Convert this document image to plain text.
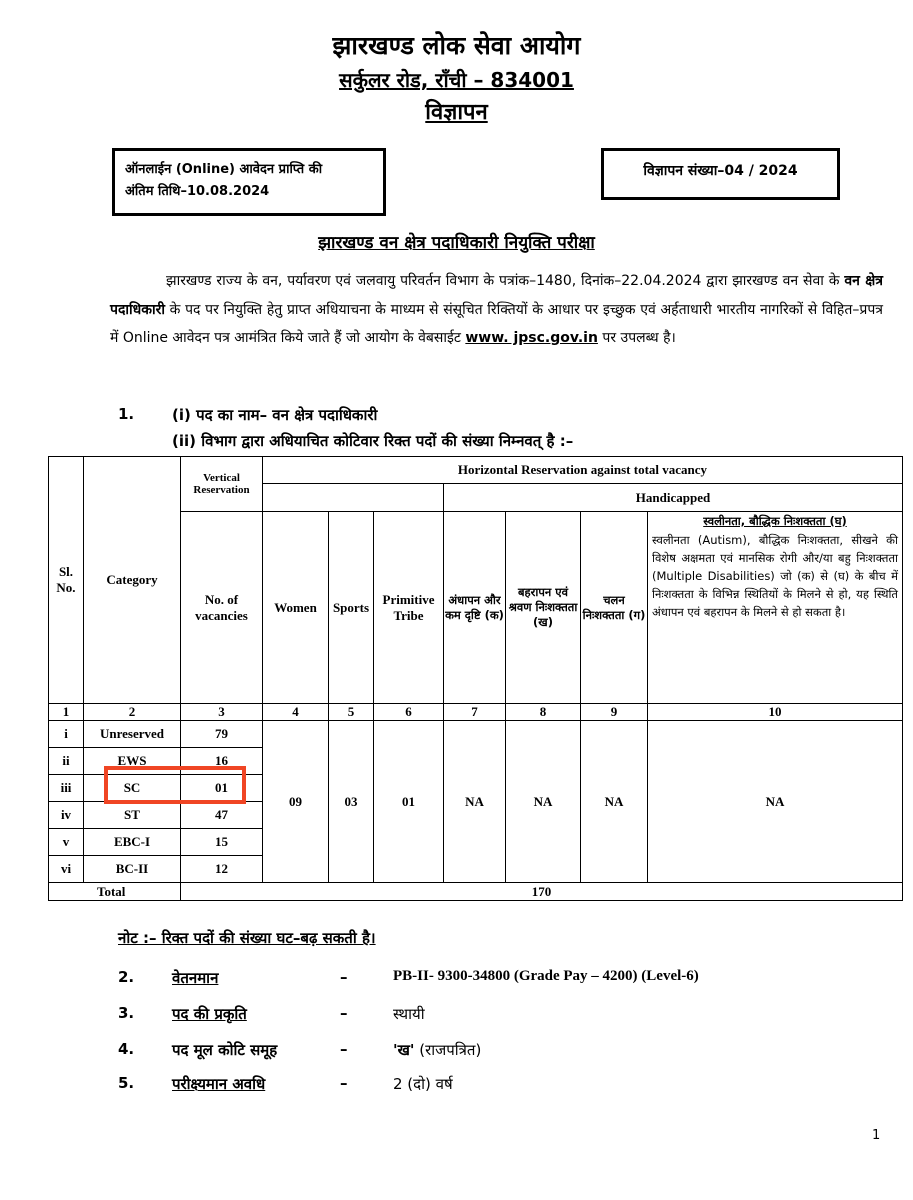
झारखण्ड लोक सेवा आयोग
सर्कुलर रोड, राँची – 834001
विज्ञापन
ऑनलाईन (Online) आवेदन प्राप्ति की
अंतिम तिथि–10.08.2024
विज्ञापन संख्या–04 / 2024
झारखण्ड वन क्षेत्र पदाधिकारी नियुक्ति परीक्षा
झारखण्ड राज्य के वन, पर्यावरण एवं जलवायु परिवर्तन विभाग के पत्रांक–1480, दिनांक–22.04.2024 द्वारा झारखण्ड वन सेवा के वन क्षेत्र पदाधिकारी के पद पर नियुक्ति हेतु प्राप्त अधियाचना के माध्यम से संसूचित रिक्तियों के आधार पर इच्छुक एवं अर्हताधारी भारतीय नागरिकों से विहित–प्रपत्र में Online आवेदन पत्र आमंत्रित किये जाते हैं जो आयोग के वेबसाईट www. jpsc.gov.in पर उपलब्ध है।
1.	(i) पद का नाम– वन क्षेत्र पदाधिकारी
(ii) विभाग द्वारा अधियाचित कोटिवार रिक्त पदों की संख्या निम्नवत् है :–
Sl. No.	Category	Vertical Reservation	Horizontal Reservation against total vacancy						
						Handicapped			
		No. of vacancies	Women	Sports	Primitive Tribe	अंधापन और कम दृष्टि (क)	बहरापन एवं श्रवण निःशक्तता (ख)	चलन निःशक्तता (ग)	स्वलीनता, बौद्धिक निःशक्तता (घ)
स्वलीनता (Autism), बौद्धिक निःशक्तता, सीखने की विशेष अक्षमता एवं मानसिक रोगी और/या बहु निःशक्तता (Multiple Disabilities) जो (क) से (घ) के बीच में निःशक्तता के विभिन्न स्थितियों के मिलने से हो, यह स्थिति अंधापन एवं बहरापन के मिलने से हो सकता है।

1	2	3	4	5	6	7	8	9	10
i	Unreserved	79	09	03	01	NA	NA	NA	NA
ii	EWS	16							
iii	SC	01							
iv	ST	47							
v	EBC-I	15							
vi	BC-II	12							
Total		170							
नोट :– रिक्त पदों की संख्या घट–बढ़ सकती है।
2.	वेतनमान	–	PB-II- 9300-34800 (Grade Pay – 4200) (Level-6)
3.	पद की प्रकृति	–	स्थायी
4.	पद मूल कोटि समूह	–	'ख' (राजपत्रित)
5.	परीक्ष्यमान अवधि	–	2 (दो) वर्ष
1
